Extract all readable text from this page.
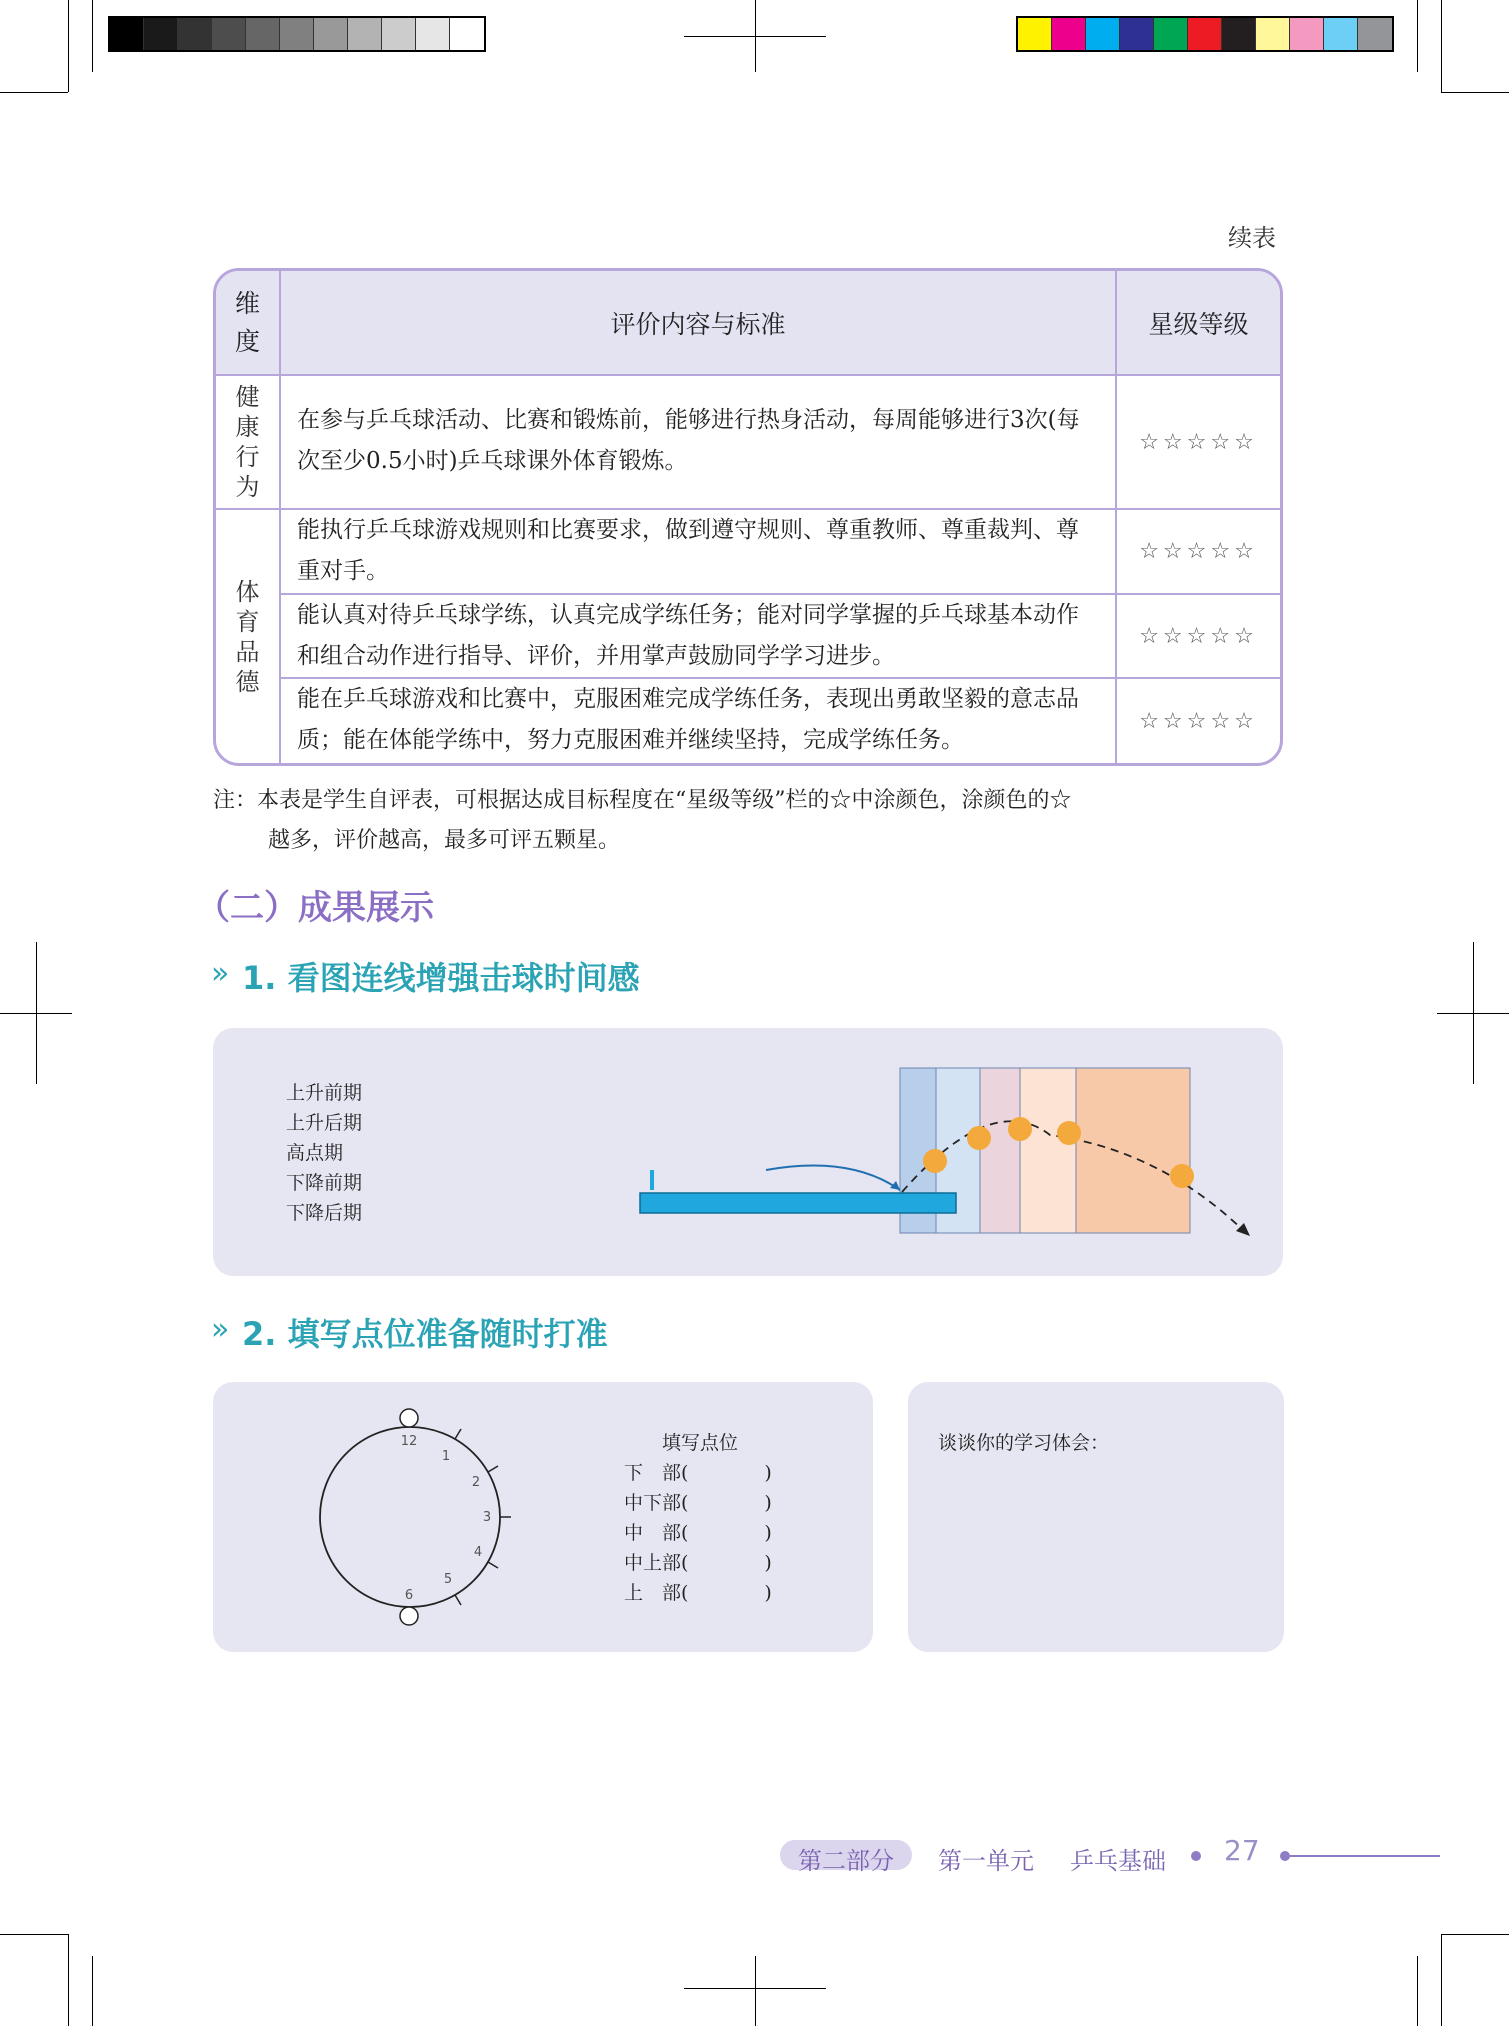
续表
维度
评价内容与标准	星级等级
健康行为
在参与乒乓球活动、比赛和锻炼前，能够进行热身活动，每周能够进行3次(每次至少0.5小时)乒乓球课外体育锻炼。
☆☆☆☆☆
体育品德
能执行乒乓球游戏规则和比赛要求，做到遵守规则、尊重教师、尊重裁判、尊重对手。
☆☆☆☆☆
能认真对待乒乓球学练，认真完成学练任务；能对同学掌握的乒乓球基本动作和组合动作进行指导、评价，并用掌声鼓励同学学习进步。
☆☆☆☆☆
能在乒乓球游戏和比赛中，克服困难完成学练任务，表现出勇敢坚毅的意志品质；能在体能学练中，努力克服困难并继续坚持，完成学练任务。
☆☆☆☆☆
注：本表是学生自评表，可根据达成目标程度在“星级等级”栏的☆中涂颜色，涂颜色的☆
越多，评价越高，最多可评五颗星。
（二）成果展示
» 1. 看图连线增强击球时间感
上升前期
上升后期
高点期
下降前期
下降后期
» 2. 填写点位准备随时打准
12
1
2
3
4
5
6
填写点位
下　部(　　　　)
中下部(　　　　)
中　部(　　　　)
中上部(　　　　)
上　部(　　　　)
谈谈你的学习体会：
第二部分	第一单元 乒乓基础 27
